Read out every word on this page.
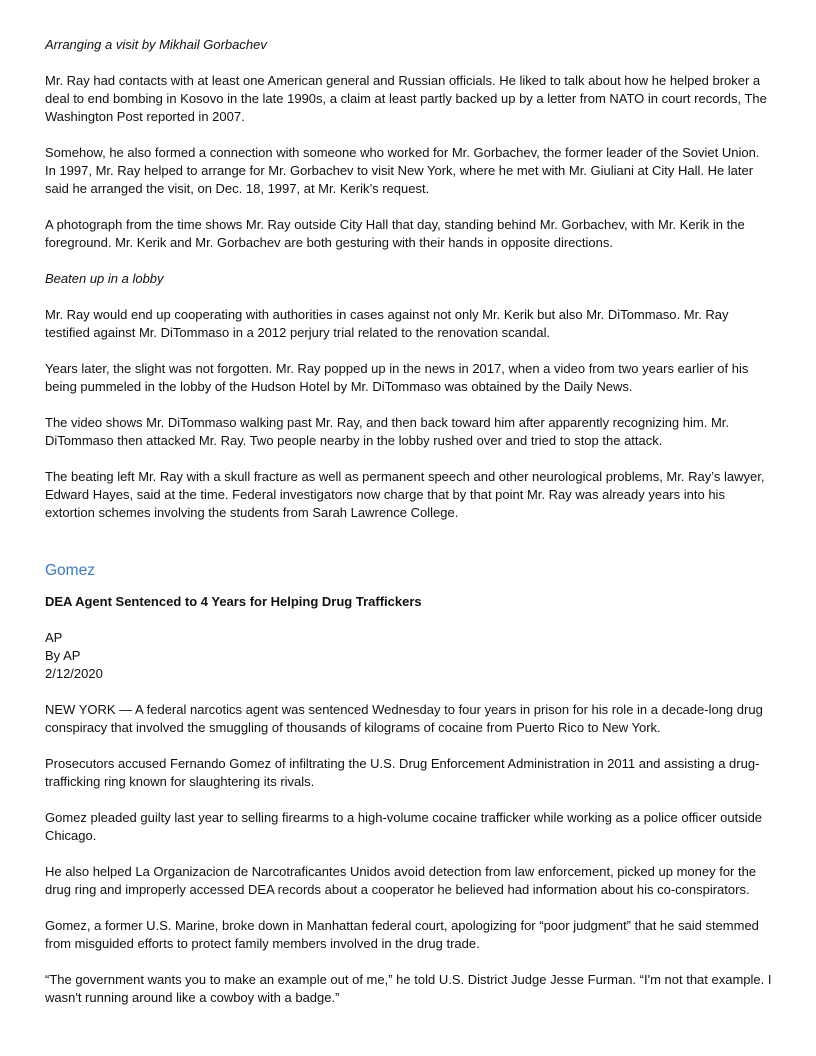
Arranging a visit by Mikhail Gorbachev

Mr. Ray had contacts with at least one American general and Russian officials. He liked to talk about how he helped broker a deal to end bombing in Kosovo in the late 1990s, a claim at least partly backed up by a letter from NATO in court records, The Washington Post reported in 2007.

Somehow, he also formed a connection with someone who worked for Mr. Gorbachev, the former leader of the Soviet Union. In 1997, Mr. Ray helped to arrange for Mr. Gorbachev to visit New York, where he met with Mr. Giuliani at City Hall. He later said he arranged the visit, on Dec. 18, 1997, at Mr. Kerik’s request.

A photograph from the time shows Mr. Ray outside City Hall that day, standing behind Mr. Gorbachev, with Mr. Kerik in the foreground. Mr. Kerik and Mr. Gorbachev are both gesturing with their hands in opposite directions.

Beaten up in a lobby

Mr. Ray would end up cooperating with authorities in cases against not only Mr. Kerik but also Mr. DiTommaso. Mr. Ray testified against Mr. DiTommaso in a 2012 perjury trial related to the renovation scandal.

Years later, the slight was not forgotten. Mr. Ray popped up in the news in 2017, when a video from two years earlier of his being pummeled in the lobby of the Hudson Hotel by Mr. DiTommaso was obtained by the Daily News.

The video shows Mr. DiTommaso walking past Mr. Ray, and then back toward him after apparently recognizing him. Mr. DiTommaso then attacked Mr. Ray. Two people nearby in the lobby rushed over and tried to stop the attack.

The beating left Mr. Ray with a skull fracture as well as permanent speech and other neurological problems, Mr. Ray’s lawyer, Edward Hayes, said at the time. Federal investigators now charge that by that point Mr. Ray was already years into his extortion schemes involving the students from Sarah Lawrence College.

Gomez
DEA Agent Sentenced to 4 Years for Helping Drug Traffickers
AP
By AP
2/12/2020

NEW YORK — A federal narcotics agent was sentenced Wednesday to four years in prison for his role in a decade-long drug conspiracy that involved the smuggling of thousands of kilograms of cocaine from Puerto Rico to New York.

Prosecutors accused Fernando Gomez of infiltrating the U.S. Drug Enforcement Administration in 2011 and assisting a drug-trafficking ring known for slaughtering its rivals.

Gomez pleaded guilty last year to selling firearms to a high-volume cocaine trafficker while working as a police officer outside Chicago.

He also helped La Organizacion de Narcotraficantes Unidos avoid detection from law enforcement, picked up money for the drug ring and improperly accessed DEA records about a cooperator he believed had information about his co-conspirators.

Gomez, a former U.S. Marine, broke down in Manhattan federal court, apologizing for “poor judgment” that he said stemmed from misguided efforts to protect family members involved in the drug trade.

“The government wants you to make an example out of me,” he told U.S. District Judge Jesse Furman. “I'm not that example. I wasn't running around like a cowboy with a badge.”
